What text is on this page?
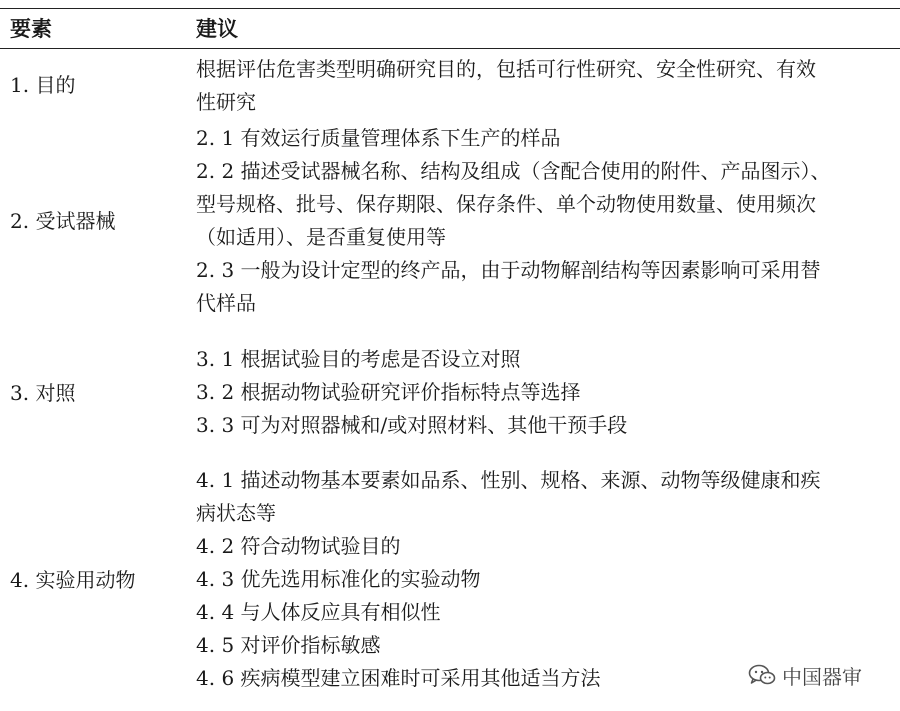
要素	建议
1. 目的
根据评估危害类型明确研究目的，包括可行性研究、安全性研究、有效
性研究
2. 受试器械
2. 1 有效运行质量管理体系下生产的样品
2. 2 描述受试器械名称、结构及组成（含配合使用的附件、产品图示）、
型号规格、批号、保存期限、保存条件、单个动物使用数量、使用频次
（如适用）、是否重复使用等
2. 3 一般为设计定型的终产品，由于动物解剖结构等因素影响可采用替
代样品
3. 对照
3. 1 根据试验目的考虑是否设立对照
3. 2 根据动物试验研究评价指标特点等选择
3. 3 可为对照器械和/或对照材料、其他干预手段
4. 实验用动物
4. 1 描述动物基本要素如品系、性别、规格、来源、动物等级健康和疾
病状态等
4. 2 符合动物试验目的
4. 3 优先选用标准化的实验动物
4. 4 与人体反应具有相似性
4. 5 对评价指标敏感
4. 6 疾病模型建立困难时可采用其他适当方法	中国器审
